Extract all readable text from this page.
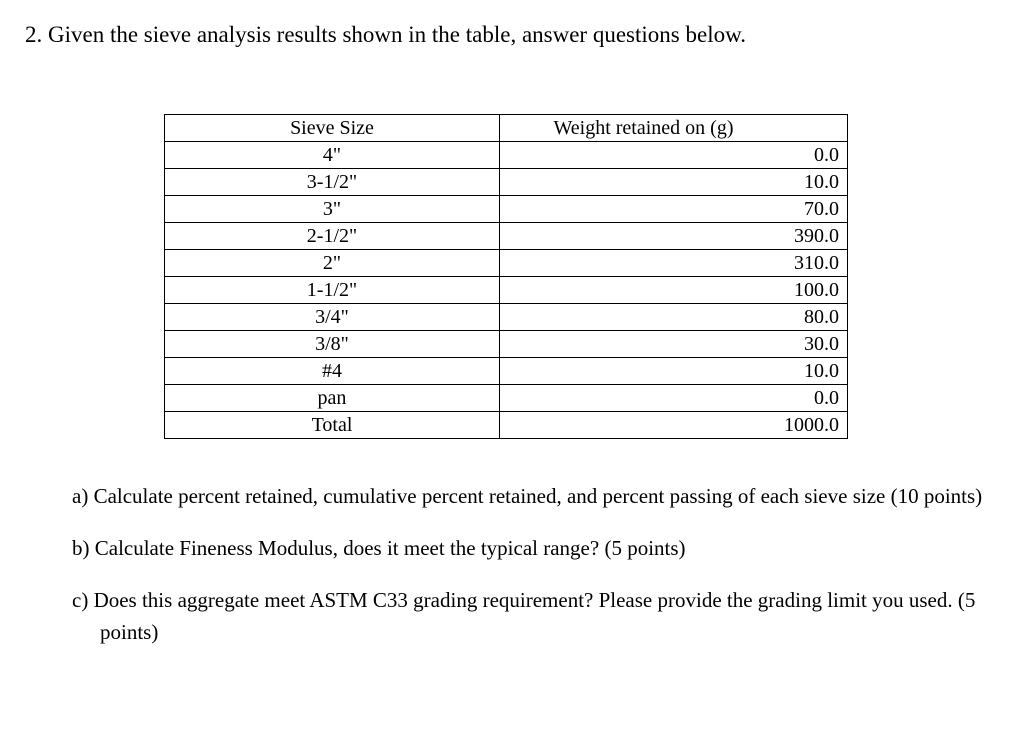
2. Given the sieve analysis results shown in the table, answer questions below.
Sieve Size	Weight retained on (g)
4"	0.0
3-1/2"	10.0
3"	70.0
2-1/2"	390.0
2"	310.0
1-1/2"	100.0
3/4"	80.0
3/8"	30.0
#4	10.0
pan	0.0
Total	1000.0

a) Calculate percent retained, cumulative percent retained, and percent passing of each sieve size (10 points)

b) Calculate Fineness Modulus, does it meet the typical range? (5 points)

c) Does this aggregate meet ASTM C33 grading requirement? Please provide the grading limit you used. (5 points)
